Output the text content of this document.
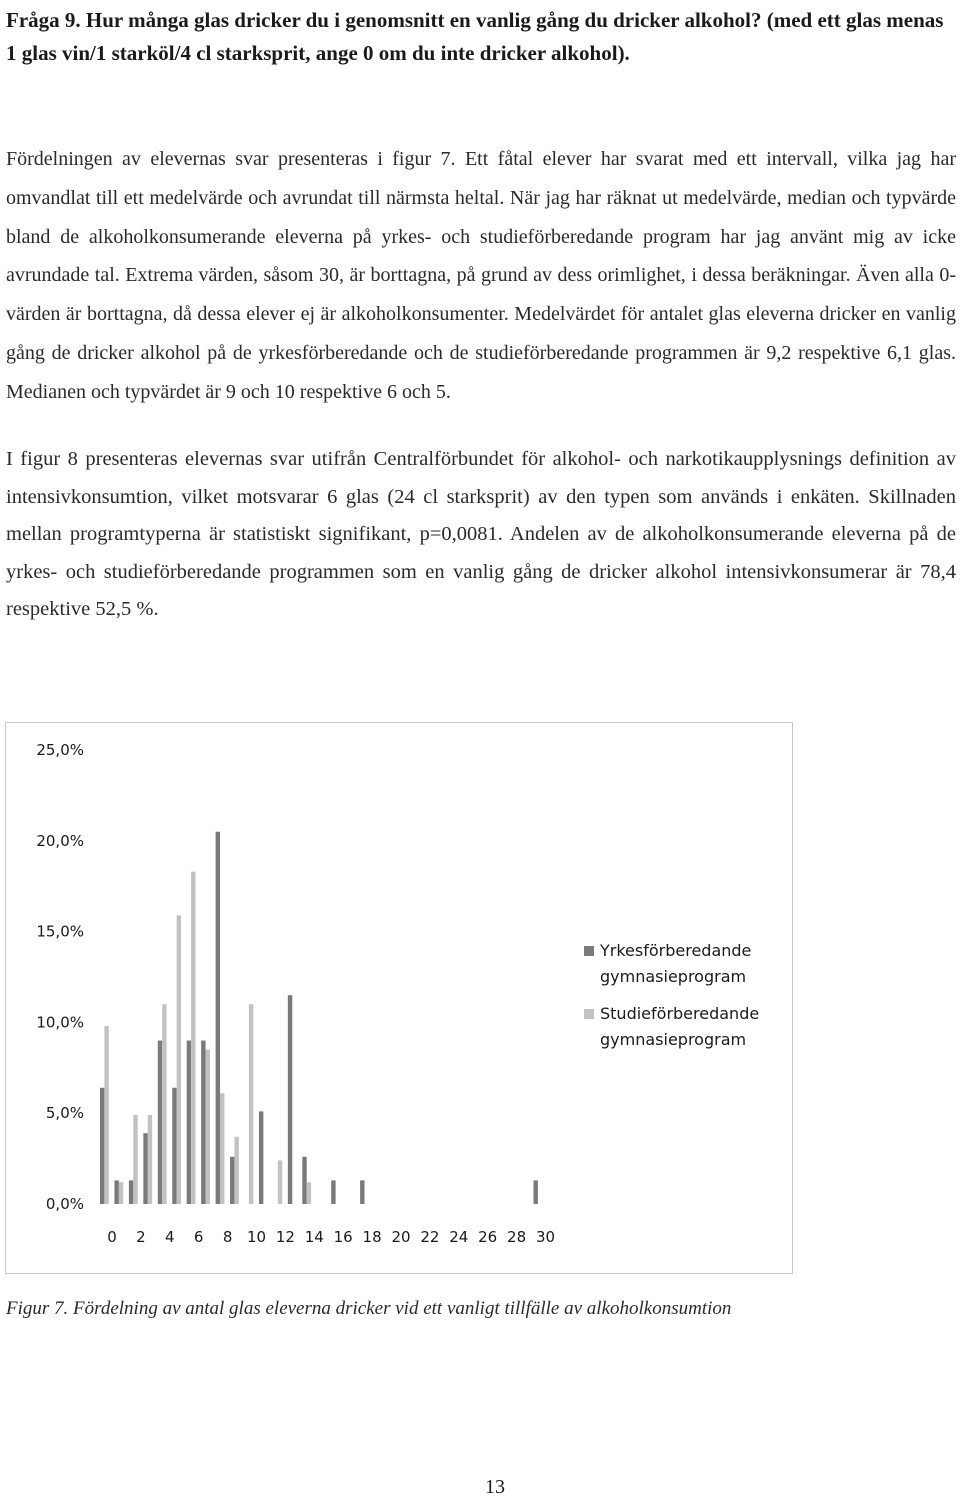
Fråga 9. Hur många glas dricker du i genomsnitt en vanlig gång du dricker alkohol? (med ett glas menas 1 glas vin/1 starköl/4 cl starksprit, ange 0 om du inte dricker alkohol).

Fördelningen av elevernas svar presenteras i figur 7. Ett fåtal elever har svarat med ett intervall, vilka jag har omvandlat till ett medelvärde och avrundat till närmsta heltal. När jag har räknat ut medelvärde, median och typvärde bland de alkoholkonsumerande eleverna på yrkes- och studieförberedande program har jag använt mig av icke avrundade tal. Extrema värden, såsom 30, är borttagna, på grund av dess orimlighet, i dessa beräkningar. Även alla 0-värden är borttagna, då dessa elever ej är alkoholkonsumenter. Medelvärdet för antalet glas eleverna dricker en vanlig gång de dricker alkohol på de yrkesförberedande och de studieförberedande programmen är 9,2 respektive 6,1 glas. Medianen och typvärdet är 9 och 10 respektive 6 och 5.

I figur 8 presenteras elevernas svar utifrån Centralförbundet för alkohol- och narkotikaupplysnings definition av intensivkonsumtion, vilket motsvarar 6 glas (24 cl starksprit) av den typen som används i enkäten. Skillnaden mellan programtyperna är statistiskt signifikant, p=0,0081. Andelen av de alkoholkonsumerande eleverna på de yrkes- och studieförberedande programmen som en vanlig gång de dricker alkohol intensivkonsumerar är 78,4 respektive 52,5 %.

0,0%
5,0%
10,0%
15,0%
20,0%
25,0%
0 2 4 6 8 10 12 14 16 18 20 22 24 26 28 30
Yrkesförberedande
gymnasieprogram
Studieförberedande
gymnasieprogram

Figur 7. Fördelning av antal glas eleverna dricker vid ett vanligt tillfälle av alkoholkonsumtion

13
